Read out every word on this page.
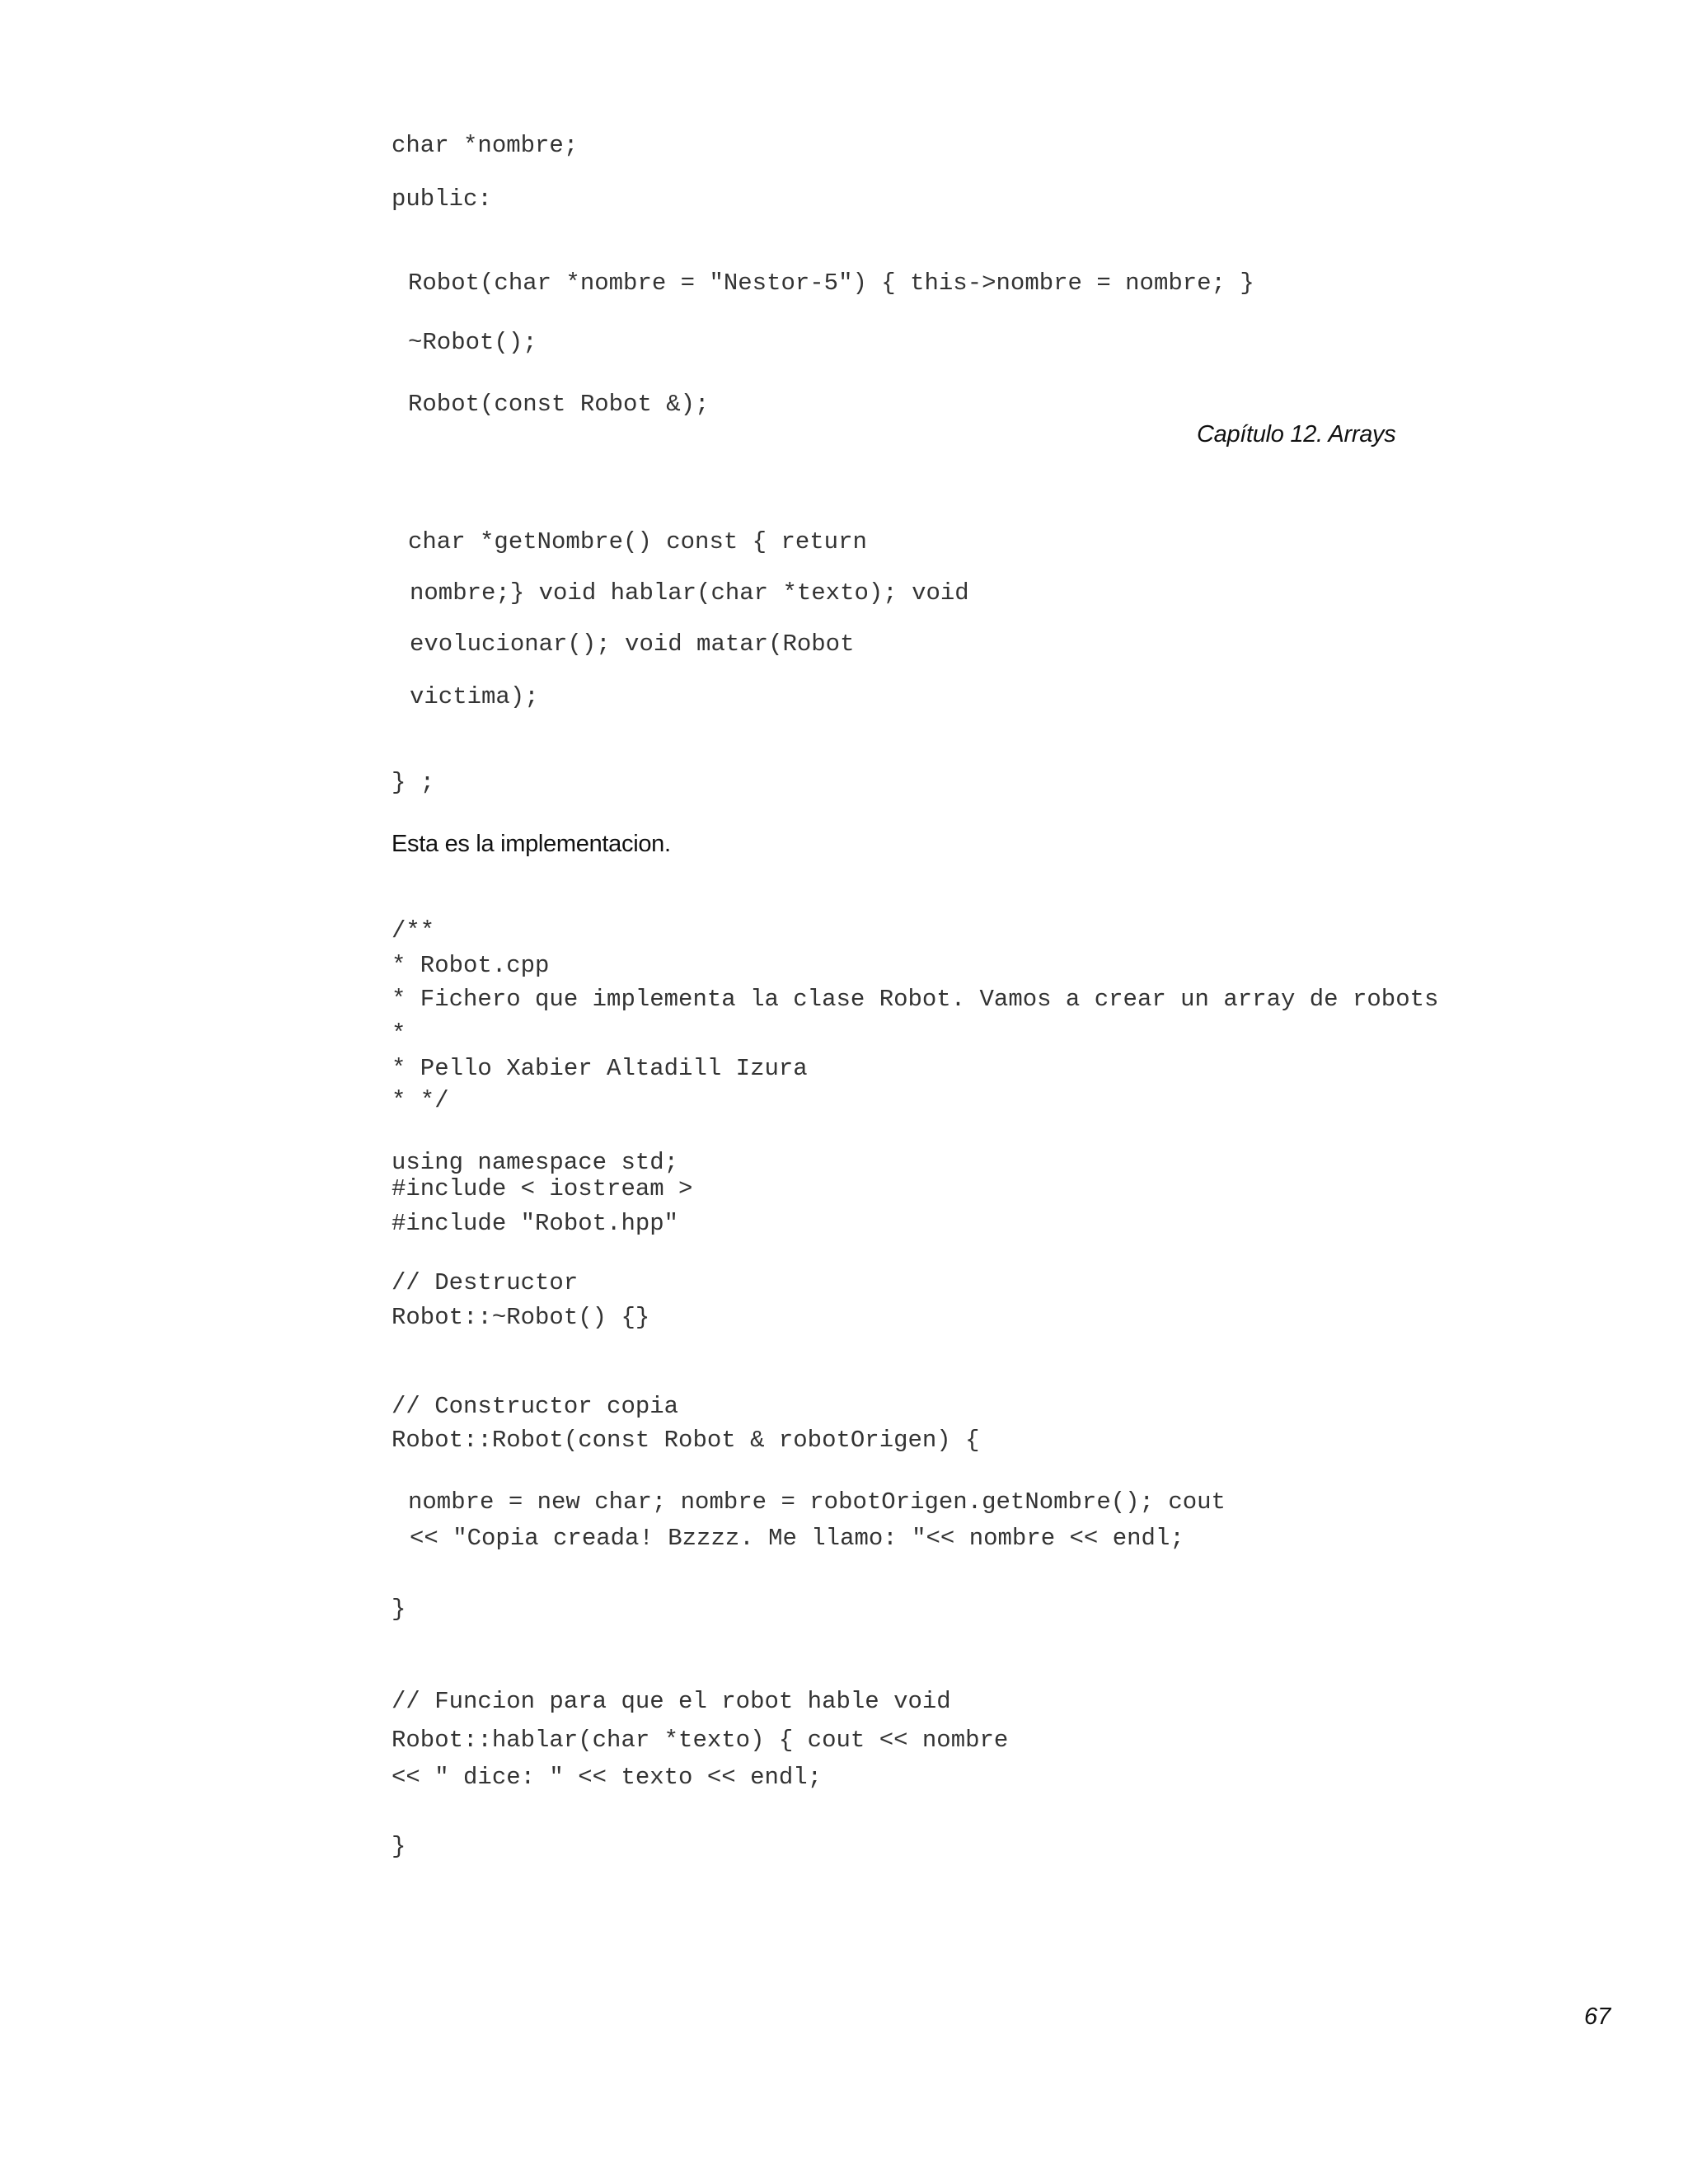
char *nombre;
public:
Robot(char *nombre = "Nestor-5") { this->nombre = nombre; }
~Robot();
Robot(const Robot &);
Capítulo 12. Arrays
char *getNombre() const { return
nombre;} void hablar(char *texto); void
evolucionar(); void matar(Robot
victima);
} ;
Esta es la implementacion.
/**
* Robot.cpp
* Fichero que implementa la clase Robot. Vamos a crear un array de robots
*
* Pello Xabier Altadill Izura
* */
using namespace std;
#include < iostream >
#include "Robot.hpp"
// Destructor
Robot::~Robot() {}
// Constructor copia
Robot::Robot(const Robot & robotOrigen) {
nombre = new char; nombre = robotOrigen.getNombre(); cout
<< "Copia creada! Bzzzz. Me llamo: "<< nombre << endl;
}
// Funcion para que el robot hable void
Robot::hablar(char *texto) { cout << nombre
<< " dice: " << texto << endl;
}
67
